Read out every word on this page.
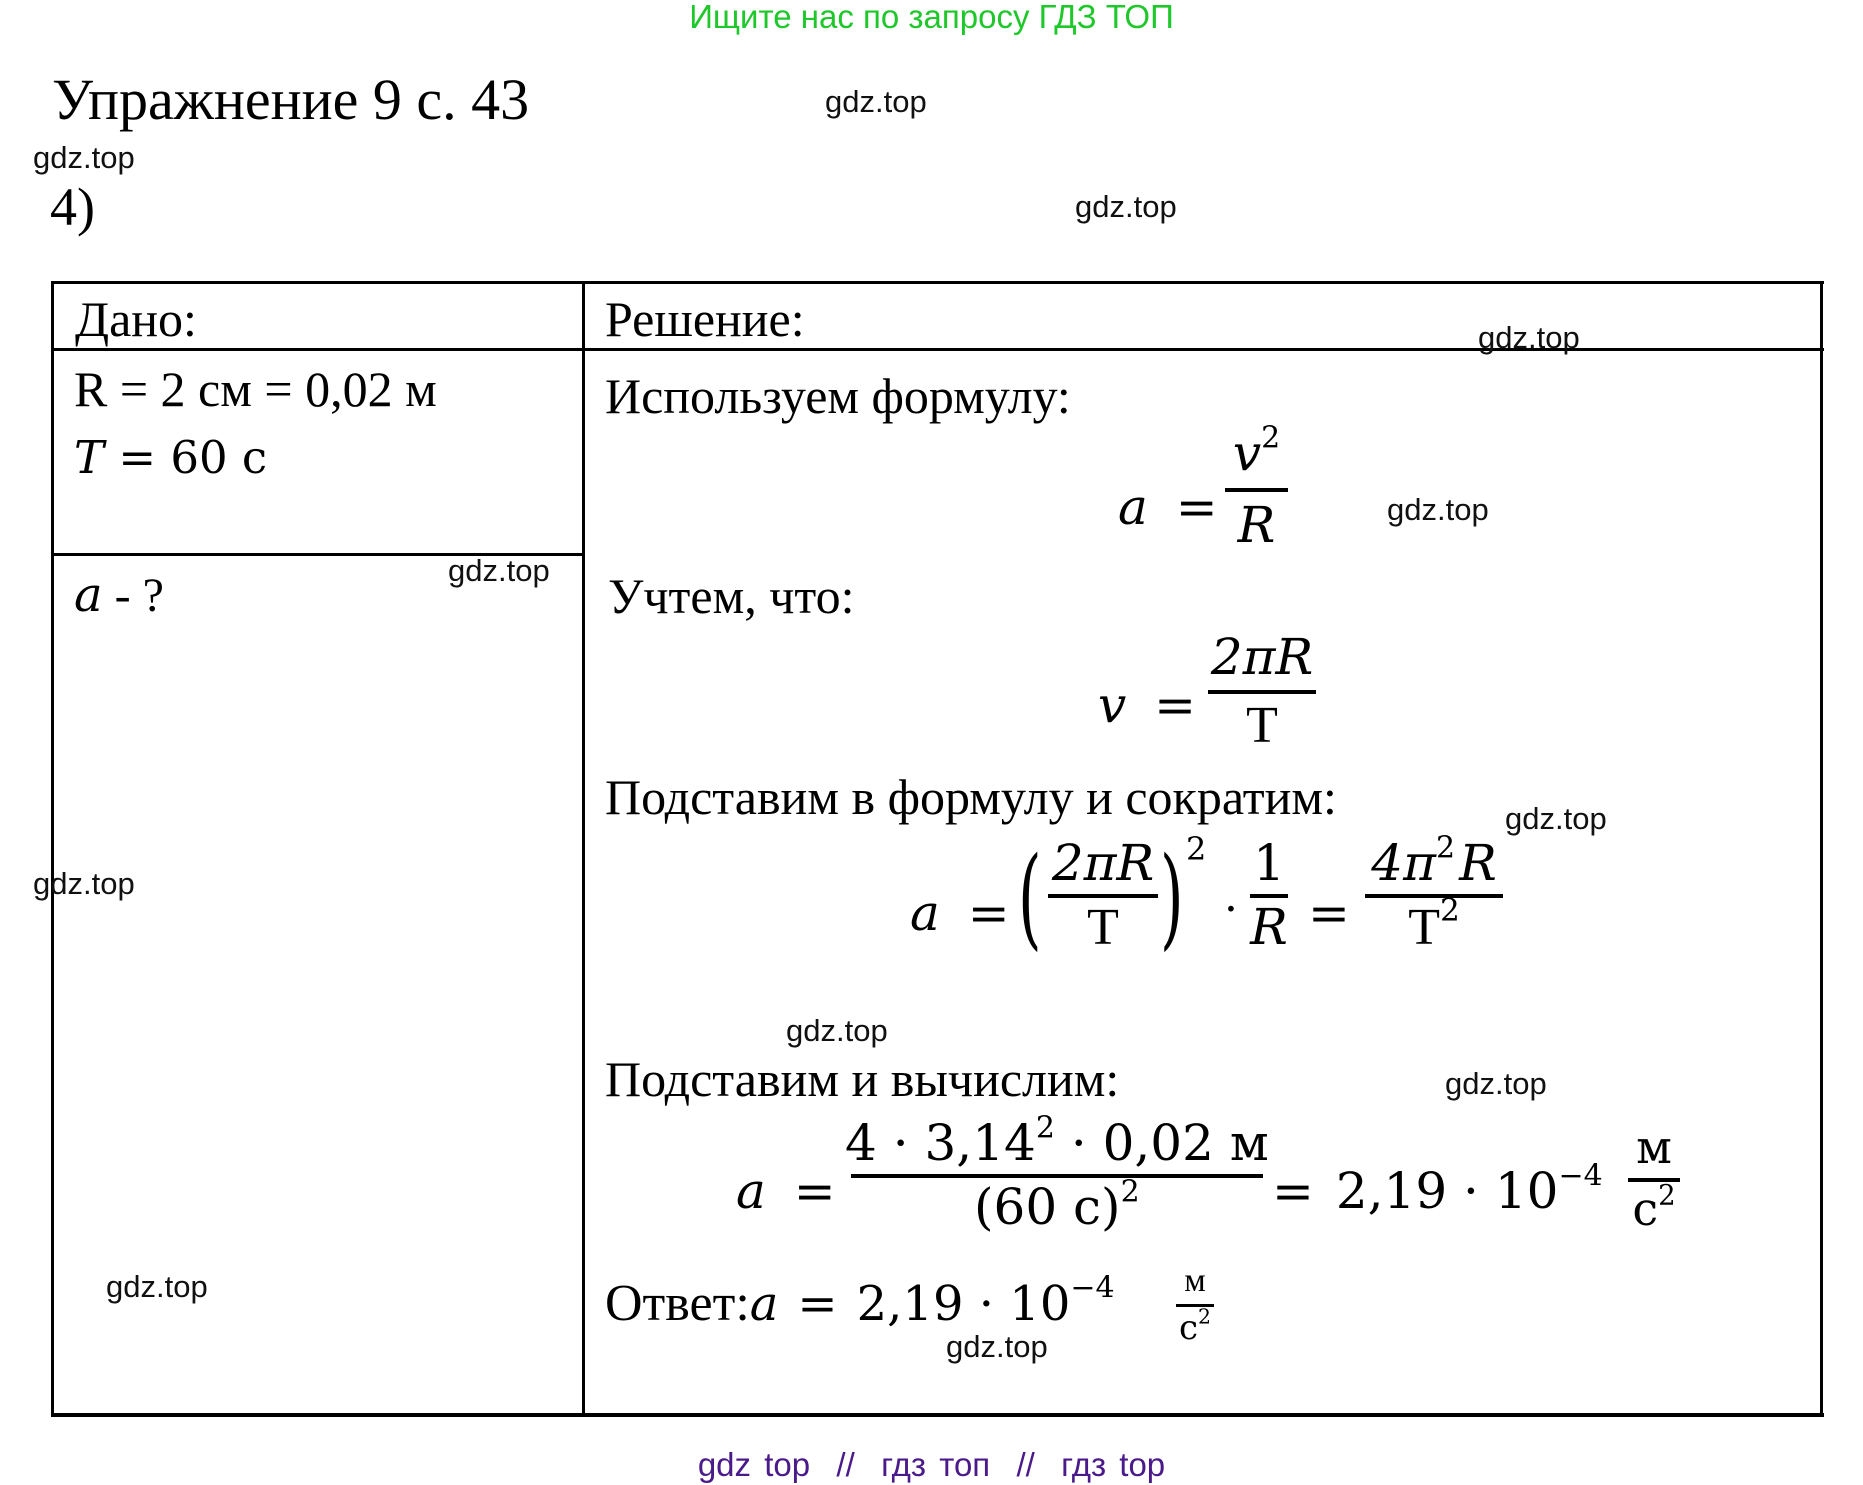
Ищите нас по запросу ГДЗ ТОП
Упражнение 9 с. 43
4)
Дано:	Решение:
R = 2 см = 0,02 м
T = 60 с
a - ?
Используем формулу:
a =
$v^2$
R
Учтем, что:
v =
2πR
T
Подставим в формулу и сократим:
a = ( 2πR
T ) 2
·
1
R =
$4\pi^2R$
$T^2$
Подставим и вычислим:
a =
$4 \cdot 3,14^2 \cdot 0,02$ м
(60 с)$^2$	= $2,19 \cdot 10^{-4}$
м
$с^2$
Ответ:a = $2,19 \cdot 10^{-4}$ м
$с^2$
gdz.top
gdz.top
gdz.top
gdz.top
gdz.top
gdz.top
gdz.top
gdz.top
gdz.top
gdz.top
gdz.top
gdz.top
gdz top  //  гдз топ  //  гдз top
